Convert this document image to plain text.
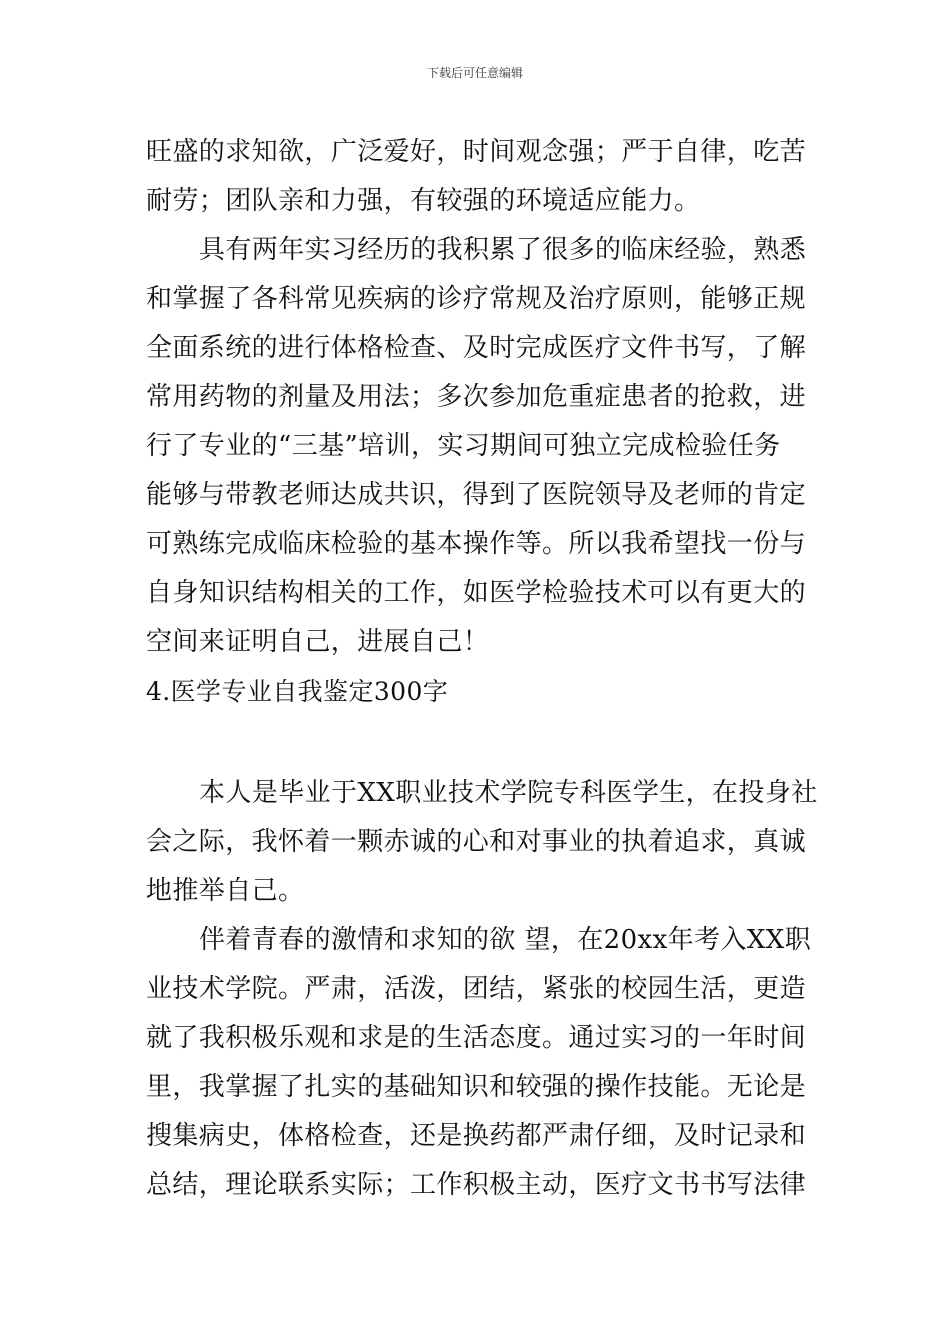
下载后可任意编辑
旺盛的求知欲，广泛爱好，时间观念强；严于自律，吃苦
耐劳；团队亲和力强，有较强的环境适应能力。
具有两年实习经历的我积累了很多的临床经验，熟悉
和掌握了各科常见疾病的诊疗常规及治疗原则，能够正规
全面系统的进行体格检查、及时完成医疗文件书写，了解
常用药物的剂量及用法；多次参加危重症患者的抢救，进
行了专业的“三基”培训，实习期间可独立完成检验任务
能够与带教老师达成共识，得到了医院领导及老师的肯定
可熟练完成临床检验的基本操作等。所以我希望找一份与
自身知识结构相关的工作，如医学检验技术可以有更大的
空间来证明自己，进展自己！
4.医学专业自我鉴定300字
本人是毕业于XX职业技术学院专科医学生，在投身社
会之际，我怀着一颗赤诚的心和对事业的执着追求，真诚
地推举自己。
伴着青春的激情和求知的欲 望，在20xx年考入XX职
业技术学院。严肃，活泼，团结，紧张的校园生活，更造
就了我积极乐观和求是的生活态度。通过实习的一年时间
里，我掌握了扎实的基础知识和较强的操作技能。无论是
搜集病史，体格检查，还是换药都严肃仔细，及时记录和
总结，理论联系实际；工作积极主动，医疗文书书写法律
